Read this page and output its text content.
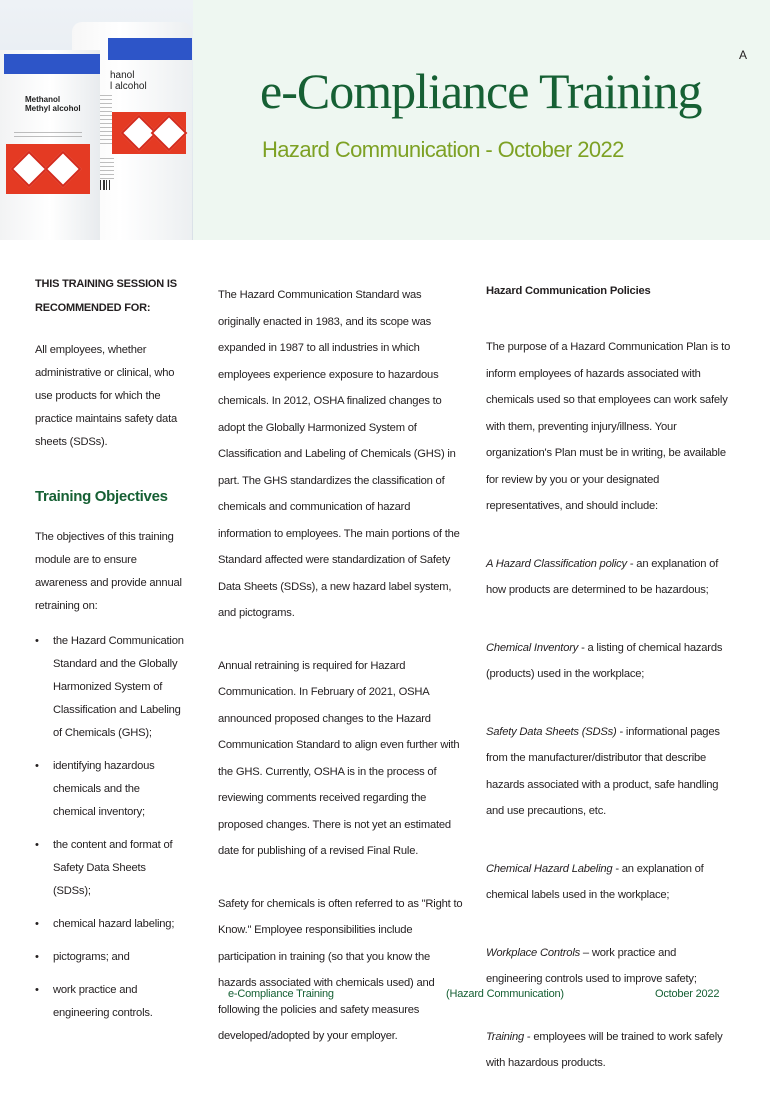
hanol
l alcohol
Methanol
Methyl alcohol
A
e-Compliance Training
Hazard Communication - October 2022
THIS TRAINING SESSION IS RECOMMENDED FOR:

All employees, whether administrative or clinical, who use products for which the practice maintains safety data sheets (SDSs).

Training Objectives

The objectives of this training module are to ensure awareness and provide annual retraining on:

• the Hazard Communication Standard and the Globally Harmonized System of Classification and Labeling of Chemicals (GHS);
• identifying hazardous chemicals and the chemical inventory;
• the content and format of Safety Data Sheets (SDSs);
• chemical hazard labeling;
• pictograms; and
• work practice and engineering controls.

The Hazard Communication Standard was originally enacted in 1983, and its scope was expanded in 1987 to all industries in which employees experience exposure to hazardous chemicals. In 2012, OSHA finalized changes to adopt the Globally Harmonized System of Classification and Labeling of Chemicals (GHS) in part. The GHS standardizes the classification of chemicals and communication of hazard information to employees. The main portions of the Standard affected were standardization of Safety Data Sheets (SDSs), a new hazard label system, and pictograms.

Annual retraining is required for Hazard Communication. In February of 2021, OSHA announced proposed changes to the Hazard Communication Standard to align even further with the GHS. Currently, OSHA is in the process of reviewing comments received regarding the proposed changes. There is not yet an estimated date for publishing of a revised Final Rule.

Safety for chemicals is often referred to as "Right to Know." Employee responsibilities include participation in training (so that you know the hazards associated with chemicals used) and following the policies and safety measures developed/adopted by your employer.

Hazard Communication Policies

The purpose of a Hazard Communication Plan is to inform employees of hazards associated with chemicals used so that employees can work safely with them, preventing injury/illness. Your organization's Plan must be in writing, be available for review by you or your designated representatives, and should include:

A Hazard Classification policy - an explanation of how products are determined to be hazardous;

Chemical Inventory - a listing of chemical hazards (products) used in the workplace;

Safety Data Sheets (SDSs) - informational pages from the manufacturer/distributor that describe hazards associated with a product, safe handling and use precautions, etc.

Chemical Hazard Labeling - an explanation of chemical labels used in the workplace;

Workplace Controls – work practice and engineering controls used to improve safety;

Training - employees will be trained to work safely with hazardous products.

e-Compliance Training	(Hazard Communication)	October 2022
